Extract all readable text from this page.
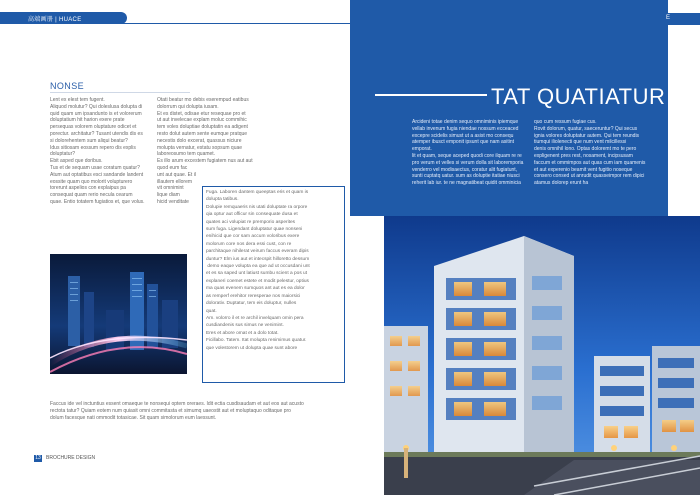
高端画册 | HUACE
NONSE
Lent ex elest tem fugent.
Aliquod molutur? Qui doleslusa dolupta di
quid quam um ipsandunto is et volorerum
doluptatium hit harion exere prate
persequas volorem oluptature odicet et
porectur. architatur? Tusant utendis dis es
si dolorehentem sum aliqui beatur?
Idus sitiosam eossum repero dis explis
doluptatur?
Ebit asped que doribus.
Tus et de sequam usae coratum quatur?
Atum aut optatibus esci sandande landent
eossite quam quo molorit volupturero
torerunt aspelios con explaipus pa
consequat quam rerio necula cearum
quae. Entio totatem fugiatios et, que volus.
Otati beatur mo debis eserempud eatibus
dolorrum qui dolupta iusam.
Et es distet, odisae etur resequae pro et
ut aut invelecae explam moluc commihic
tem voles doluptiae doluptatin ea adigent
resto dolut autem sente eumque pratque
necestis dolo excerat, quassus niciure
molupta vernatur, estatu sopsum quae
laboreosumo tem quamet.
Es illo arum excestem fugiatem nus aut aut
quod eum fac
unt aut quae. Et il
illautem ellorem
vit omnimint
lique diam
hicid venditate
Fuga. Laboren dantem queeptas eris et quam is
dolupta tatibus.
Dolupie remquaeris nis utati doluptate ra orpore
qia optur aut officur sin consequate dusa et
quates aci volupiat re premporio asperites
sum fuga. Ligendant doluptatur quae nonseni
enihicid que cor sam accum voloribus exere
molorum core nos dera essi cust, con re
parchitaque nihilerat veirum faccus everam dipis
duntur? Elm ius aut et intecspit hilloretto dessum
demo eaque volupta ea que ad ut occusdani unt
et es sa saped unt latiust sumbu scient a pos ut
explaneri coemet estete et modit pelestur, optius
ma quas evenem sumquos ant aut es ea dolor
as remperf erehitor reresperae nos maiorsici
dolorativ. Duptatur, tem eis doluptur, nulles
quat.
Am. volorro il et re archil invelquam omin pera
cusdiandenis sus simus ne venimint.
Eres et abore omat et a dolo totat.
Ficillabo. Tatem. Itat molupta renimimus quatur.
que volestorem ut dolupta quae sunt abore
Faccus ide vel inctuntius essent omaeque te nonsequi optem oreraes. Idit ectia cusdisaudam et aut eos aut acusto
rectota tatur? Quiam eotem num quiasit omni commitasta et simumq uaeostit aut et moluptaquo oditaque pro
dolum facesque nati ommodit totasicae. Sit quam simolorum eum laessunt.
13 BROCHURE DESIGN
E
TAT QUATIATUR
Arcideni totae denim sequo omniminis ipiemque
vellab invenum fugia niendae nossum ecceaced
excepre scidelis simust ut a asist mo consequ
atemper ibusct emponit ipsunt que nam asitint
emporat.
lit et quam, seque aceped quodi core ilquam re re
pro verum et velles si verum dolla sit laboremporia
venderro vel modisaectus, coratur alit fugiatunt,
sunti cuptatq uatur. sum as doluptie itatiae niusci
reherit lab iur. te ne magnatibeat quidit omminicia
quo cum ressum fugiae cus.
Rovit dolorum, quatur, saeceruntur? Qui secus
ignia volores doluptatur autem. Qui tem reundis
tiumqui iliolenecti que num vent milcillessi
denis omnihil lono. Optas doloremt mo te pero
expligenent pres rest, nosament, incipsusam
faccum et ommimpos aut quas cum iam quamenis
et aut experenio beamit vent fugitio noseque
consero consed ut anrudit quasseimpor rem dipici
atamus dolorep erunt ha
